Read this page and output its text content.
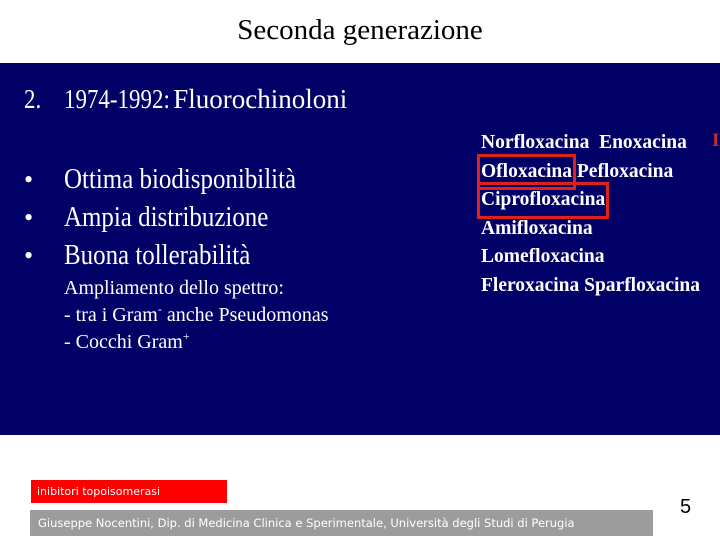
Seconda generazione
2. 1974-1992: Fluorochinoloni
• Ottima biodisponibilità
• Ampia distribuzione
• Buona tollerabilità
Ampliamento dello spettro:
- tra i Gram- anche Pseudomonas
- Cocchi Gram+
Norfloxacina Enoxacina
Ofloxacina Pefloxacina
Ciprofloxacina
Amifloxacina
Lomefloxacina
Fleroxacina Sparfloxacina
I
inibitori topoisomerasi
Giuseppe Nocentini, Dip. di Medicina Clinica e Sperimentale, Università degli Studi di Perugia
5
